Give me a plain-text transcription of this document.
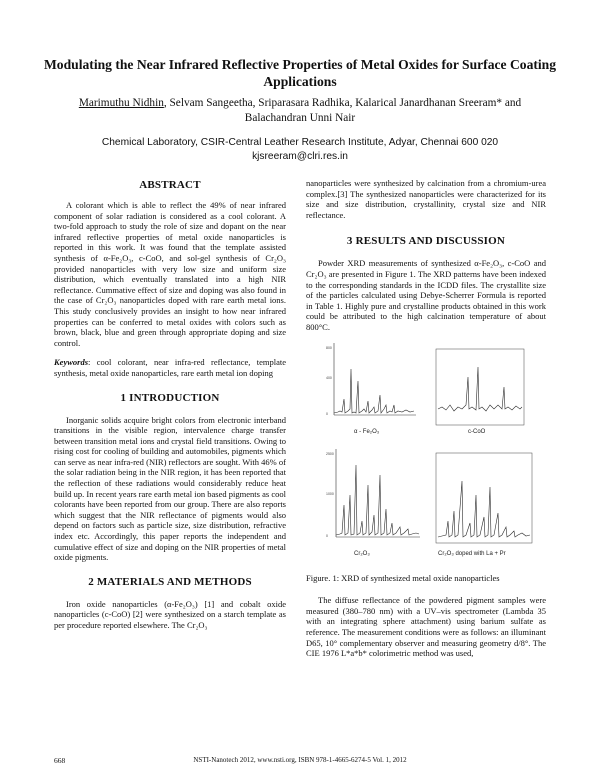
Modulating the Near Infrared Reflective Properties of Metal Oxides for Surface Coating Applications
Marimuthu Nidhin, Selvam Sangeetha, Sriparasara Radhika, Kalarical Janardhanan Sreeram* and Balachandran Unni Nair
Chemical Laboratory, CSIR-Central Leather Research Institute, Adyar, Chennai 600 020
kjsreeram@clri.res.in

ABSTRACT

A colorant which is able to reflect the 49% of near infrared component of solar radiation is considered as a cool colorant. A two-fold approach to study the role of size and dopant on the near infrared reflective properties of metal oxide nanoparticles is reported in this work. It was found that the template assisted synthesis of α-Fe₂O₃, c-CoO, and sol-gel synthesis of Cr₂O₃ provided nanoparticles with very low size and uniform size distribution, which eventually translated into a high NIR reflectance. Cummative effect of size and doping was also found in the case of Cr₂O₃ nanoparticles doped with rare earth metal ions. This study conclusively provides an insight to how near infrared properties can be conferred to metal oxides with colors such as brown, black, blue and green through appropriate doping and size control.

Keywords: cool colorant, near infra-red reflectance, template synthesis, metal oxide nanoparticles, rare earth metal ion doping

1 INTRODUCTION

Inorganic solids acquire bright colors from electronic interband transitions in the visible region, intervalence charge transfer between transition metal ions and crystal field transitions. Owing to rising cost for cooling of building and automobiles, pigments which can serve as near infra-red (NIR) reflectors are sought. With 46% of the solar radiation being in the NIR region, it has been reported that the reflection of these radiations would considerably reduce heat build up. In recent years rare earth metal ion based pigments as cool colorants have been reported from our group. There are also reports which suggest that the NIR reflectance of pigments would also depend on factors such as particle size, size distribution, refractive index etc. Accordingly, this paper reports the independent and cumulative effect of size and doping on the NIR properties of metal oxide pigments.

2 MATERIALS AND METHODS

Iron oxide nanoparticles (α-Fe₂O₃) [1] and cobalt oxide nanoparticles (c-CoO) [2] were synthesized on a starch template as per procedure reported elsewhere. The Cr₂O₃

nanoparticles were synthesized by calcination from a chromium-urea complex.[3] The synthesized nanoparticles were characterized for its size and size distribution, crystallinity, crystal size and NIR reflectance.

3 RESULTS AND DISCUSSION

Powder XRD measurements of synthesized α-Fe₂O₃, c-CoO and Cr₂O₃ are presented in Figure 1. The XRD patterns have been indexed to the corresponding standards in the ICDD files. The crystallite size of the particles calculated using Debye-Scherrer Formula is reported in Table 1. Highly pure and crystalline products obtained in this work could be attributed to the high calcination temperature of about 800°C.

800
400
0
α - Fe₂O₃	c-CoO
2500
1000
0
Cr₂O₃	Cr₂O₃ doped with La + Pr

Figure. 1: XRD of synthesized metal oxide nanoparticles

The diffuse reflectance of the powdered pigment samples were measured (380–780 nm) with a UV–vis spectrometer (Lambda 35 with an integrating sphere attachment) using barium sulfate as reference. The measurement conditions were as follows: an illuminant D65, 10° complementary observer and measuring geometry d/8°. The CIE 1976 L*a*b* colorimetric method was used,

668	NSTI-Nanotech 2012, www.nsti.org, ISBN 978-1-4665-6274-5 Vol. 1, 2012
